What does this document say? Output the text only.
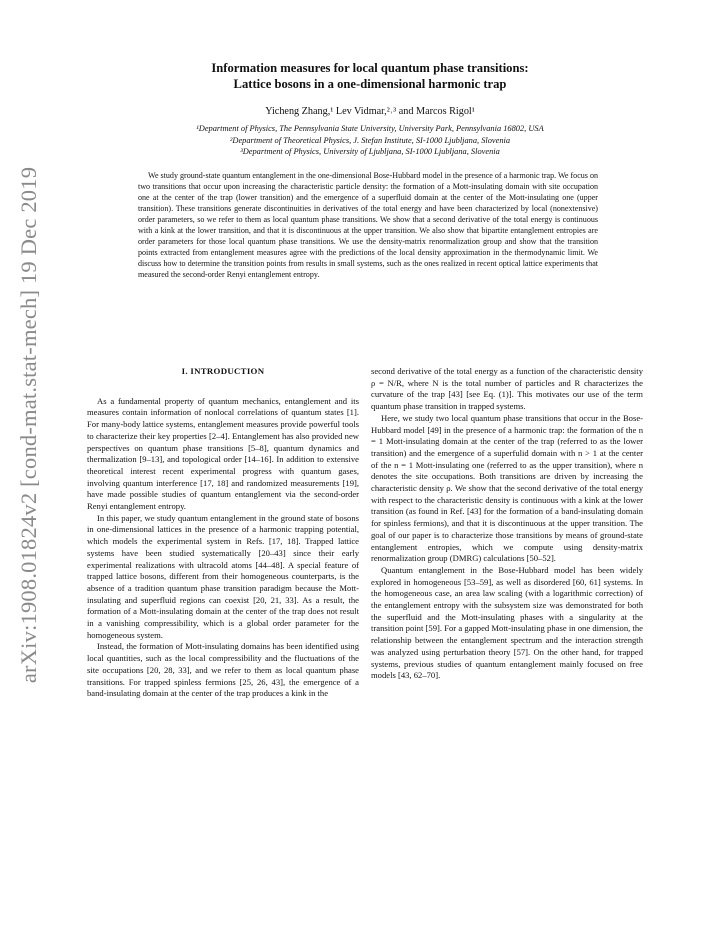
arXiv:1908.01824v2 [cond-mat.stat-mech] 19 Dec 2019
Information measures for local quantum phase transitions:
Lattice bosons in a one-dimensional harmonic trap
Yicheng Zhang,¹ Lev Vidmar,²˒³ and Marcos Rigol¹
¹Department of Physics, The Pennsylvania State University, University Park, Pennsylvania 16802, USA
²Department of Theoretical Physics, J. Stefan Institute, SI-1000 Ljubljana, Slovenia
³Department of Physics, University of Ljubljana, SI-1000 Ljubljana, Slovenia

We study ground-state quantum entanglement in the one-dimensional Bose-Hubbard model in the presence of a harmonic trap. We focus on two transitions that occur upon increasing the characteristic particle density: the formation of a Mott-insulating domain with site occupation one at the center of the trap (lower transition) and the emergence of a superfluid domain at the center of the Mott-insulating one (upper transition). These transitions generate discontinuities in derivatives of the total energy and have been characterized by local (nonextensive) order parameters, so we refer to them as local quantum phase transitions. We show that a second derivative of the total energy is continuous with a kink at the lower transition, and that it is discontinuous at the upper transition. We also show that bipartite entanglement entropies are order parameters for those local quantum phase transitions. We use the density-matrix renormalization group and show that the transition points extracted from entanglement measures agree with the predictions of the local density approximation in the thermodynamic limit. We discuss how to determine the transition points from results in small systems, such as the ones realized in recent optical lattice experiments that measured the second-order Renyi entanglement entropy.

I. INTRODUCTION

As a fundamental property of quantum mechanics, entanglement and its measures contain information of nonlocal correlations of quantum states [1]. For many-body lattice systems, entanglement measures provide powerful tools to characterize their key properties [2–4]. Entanglement has also provided new perspectives on quantum phase transitions [5–8], quantum dynamics and thermalization [9–13], and topological order [14–16]. In addition to extensive theoretical interest recent experimental progress with quantum gases, involving quantum interference [17, 18] and randomized measurements [19], have made possible studies of quantum entanglement via the second-order Renyi entanglement entropy.

In this paper, we study quantum entanglement in the ground state of bosons in one-dimensional lattices in the presence of a harmonic trapping potential, which models the experimental system in Refs. [17, 18]. Trapped lattice systems have been studied systematically [20–43] since their early experimental realizations with ultracold atoms [44–48]. A special feature of trapped lattice bosons, different from their homogeneous counterparts, is the absence of a tradition quantum phase transition paradigm because the Mott-insulating and superfluid regions can coexist [20, 21, 33]. As a result, the formation of a Mott-insulating domain at the center of the trap does not result in a vanishing compressibility, which is a global order parameter for the homogeneous system.

Instead, the formation of Mott-insulating domains has been identified using local quantities, such as the local compressibility and the fluctuations of the site occupations [20, 28, 33], and we refer to them as local quantum phase transitions. For trapped spinless fermions [25, 26, 43], the emergence of a band-insulating domain at the center of the trap produces a kink in the

second derivative of the total energy as a function of the characteristic density ρ = N/R, where N is the total number of particles and R characterizes the curvature of the trap [43] [see Eq. (1)]. This motivates our use of the term quantum phase transition in trapped systems.

Here, we study two local quantum phase transitions that occur in the Bose-Hubbard model [49] in the presence of a harmonic trap: the formation of the n = 1 Mott-insulating domain at the center of the trap (referred to as the lower transition) and the emergence of a superfulid domain with n > 1 at the center of the n = 1 Mott-insulating one (referred to as the upper transition), where n denotes the site occupations. Both transitions are driven by increasing the characteristic density ρ. We show that the second derivative of the total energy with respect to the characteristic density is continuous with a kink at the lower transition (as found in Ref. [43] for the formation of a band-insulating domain for spinless fermions), and that it is discontinuous at the upper transition. The goal of our paper is to characterize those transitions by means of ground-state entanglement entropies, which we compute using density-matrix renormalization group (DMRG) calculations [50–52].

Quantum entanglement in the Bose-Hubbard model has been widely explored in homogeneous [53–59], as well as disordered [60, 61] systems. In the homogeneous case, an area law scaling (with a logarithmic correction) of the entanglement entropy with the subsystem size was demonstrated for both the superfluid and the Mott-insulating phases with a singularity at the transition point [59]. For a gapped Mott-insulating phase in one dimension, the relationship between the entanglement spectrum and the interaction strength was analyzed using perturbation theory [57]. On the other hand, for trapped systems, previous studies of quantum entanglement mainly focused on free models [43, 62–70].
